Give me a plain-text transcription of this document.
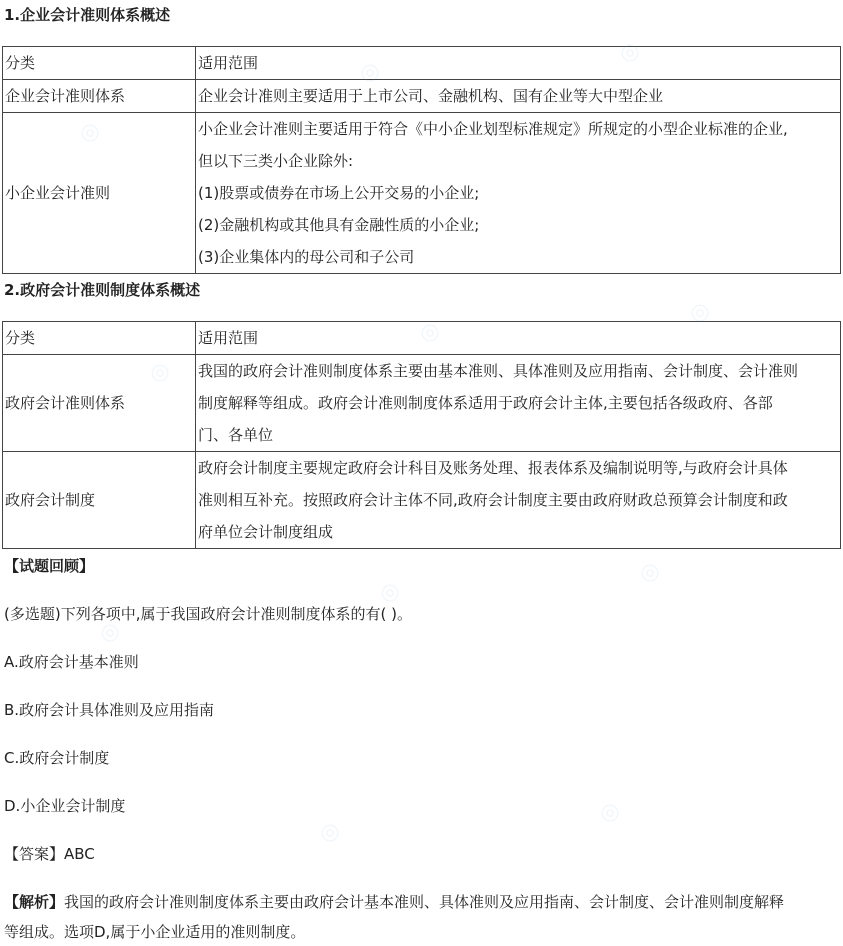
1.企业会计准则体系概述
分类	适用范围
企业会计准则体系	企业会计准则主要适用于上市公司、金融机构、国有企业等大中型企业
小企业会计准则	小企业会计准则主要适用于符合《中小企业划型标准规定》所规定的小型企业标准的企业,
但以下三类小企业除外:
(1)股票或债券在市场上公开交易的小企业;
(2)金融机构或其他具有金融性质的小企业;
(3)企业集体内的母公司和子公司
2.政府会计准则制度体系概述
分类	适用范围
政府会计准则体系	我国的政府会计准则制度体系主要由基本准则、具体准则及应用指南、会计制度、会计准则
制度解释等组成。政府会计准则制度体系适用于政府会计主体,主要包括各级政府、各部
门、各单位

政府会计制度	政府会计制度主要规定政府会计科目及账务处理、报表体系及编制说明等,与政府会计具体
准则相互补充。按照政府会计主体不同,政府会计制度主要由政府财政总预算会计制度和政
府单位会计制度组成
【试题回顾】
(多选题)下列各项中,属于我国政府会计准则制度体系的有( )。
A.政府会计基本准则
B.政府会计具体准则及应用指南
C.政府会计制度
D.小企业会计制度
【答案】ABC
【解析】我国的政府会计准则制度体系主要由政府会计基本准则、具体准则及应用指南、会计制度、会计准则制度解释
等组成。选项D,属于小企业适用的准则制度。
◎
◎
◎
◎
◎
◎
◎
◎
◎
◎
◎
